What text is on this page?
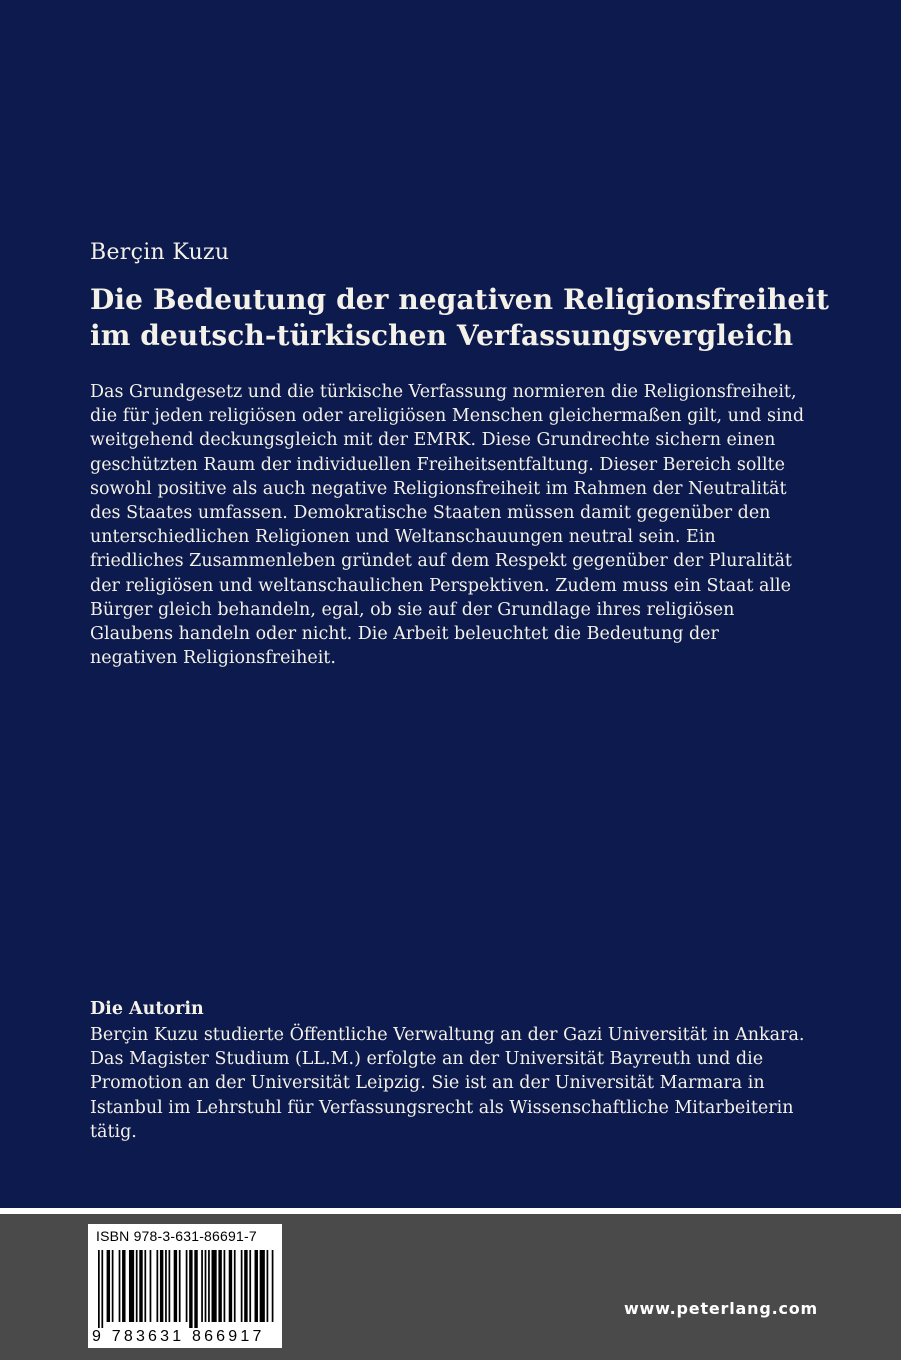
Berçin Kuzu
Die Bedeutung der negativen Religionsfreiheit im deutsch-türkischen Verfassungsvergleich

Das Grundgesetz und die türkische Verfassung normieren die Religionsfreiheit, die für jeden religiösen oder areligiösen Menschen gleichermaßen gilt, und sind weitgehend deckungsgleich mit der EMRK. Diese Grundrechte sichern einen geschützten Raum der individuellen Freiheitsentfaltung. Dieser Bereich sollte sowohl positive als auch negative Religionsfreiheit im Rahmen der Neutralität des Staates umfassen. Demokratische Staaten müssen damit gegenüber den unterschiedlichen Religionen und Weltanschauungen neutral sein. Ein friedliches Zusammenleben gründet auf dem Respekt gegenüber der Pluralität der religiösen und weltanschaulichen Perspektiven. Zudem muss ein Staat alle Bürger gleich behandeln, egal, ob sie auf der Grundlage ihres religiösen Glaubens handeln oder nicht. Die Arbeit beleuchtet die Bedeutung der negativen Religionsfreiheit.

Die Autorin

Berçin Kuzu studierte Öffentliche Verwaltung an der Gazi Universität in Ankara. Das Magister Studium (LL.M.) erfolgte an der Universität Bayreuth und die Promotion an der Universität Leipzig. Sie ist an der Universität Marmara in Istanbul im Lehrstuhl für Verfassungsrecht als Wissenschaftliche Mitarbeiterin tätig.

ISBN 978-3-631-86691-7
9 783631 866917
www.peterlang.com
